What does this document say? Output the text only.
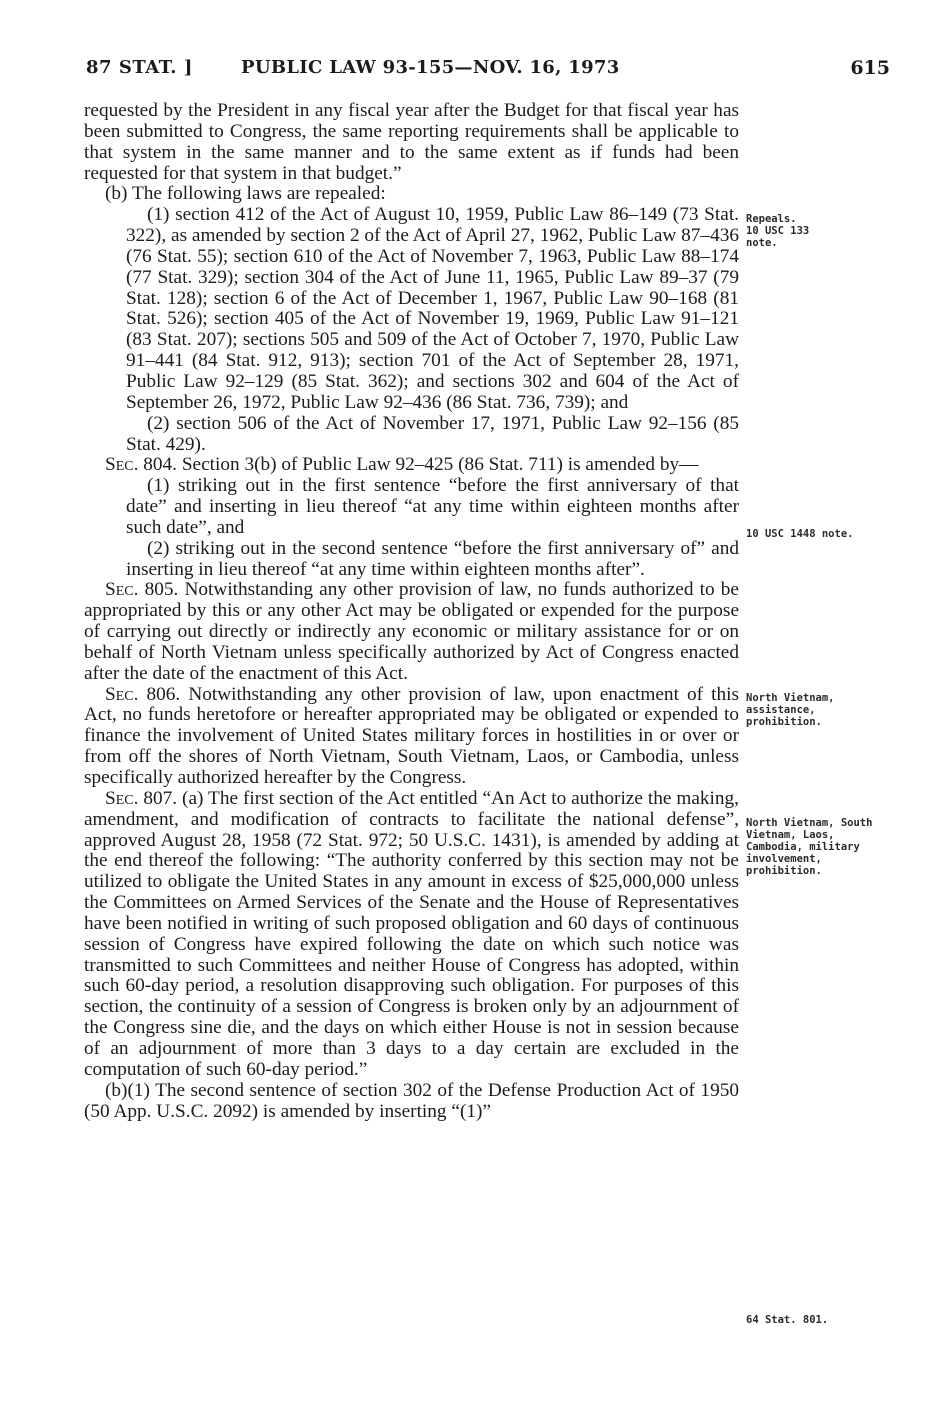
87 STAT. ]	PUBLIC LAW 93-155—NOV. 16, 1973	615

requested by the President in any fiscal year after the Budget for that fiscal year has been submitted to Congress, the same reporting requirements shall be applicable to that system in the same manner and to the same extent as if funds had been requested for that system in that budget.”

(b) The following laws are repealed:

(1) section 412 of the Act of August 10, 1959, Public Law 86–149 (73 Stat. 322), as amended by section 2 of the Act of April 27, 1962, Public Law 87–436 (76 Stat. 55); section 610 of the Act of November 7, 1963, Public Law 88–174 (77 Stat. 329); section 304 of the Act of June 11, 1965, Public Law 89–37 (79 Stat. 128); section 6 of the Act of December 1, 1967, Public Law 90–168 (81 Stat. 526); section 405 of the Act of November 19, 1969, Public Law 91–121 (83 Stat. 207); sections 505 and 509 of the Act of October 7, 1970, Public Law 91–441 (84 Stat. 912, 913); section 701 of the Act of September 28, 1971, Public Law 92–129 (85 Stat. 362); and sections 302 and 604 of the Act of September 26, 1972, Public Law 92–436 (86 Stat. 736, 739); and

(2) section 506 of the Act of November 17, 1971, Public Law 92–156 (85 Stat. 429).

Sec. 804. Section 3(b) of Public Law 92–425 (86 Stat. 711) is amended by—

(1) striking out in the first sentence “before the first anniversary of that date” and inserting in lieu thereof “at any time within eighteen months after such date”, and

(2) striking out in the second sentence “before the first anniversary of” and inserting in lieu thereof “at any time within eighteen months after”.

Sec. 805. Notwithstanding any other provision of law, no funds authorized to be appropriated by this or any other Act may be obligated or expended for the purpose of carrying out directly or indirectly any economic or military assistance for or on behalf of North Vietnam unless specifically authorized by Act of Congress enacted after the date of the enactment of this Act.

Sec. 806. Notwithstanding any other provision of law, upon enactment of this Act, no funds heretofore or hereafter appropriated may be obligated or expended to finance the involvement of United States military forces in hostilities in or over or from off the shores of North Vietnam, South Vietnam, Laos, or Cambodia, unless specifically authorized hereafter by the Congress.

Sec. 807. (a) The first section of the Act entitled “An Act to authorize the making, amendment, and modification of contracts to facilitate the national defense”, approved August 28, 1958 (72 Stat. 972; 50 U.S.C. 1431), is amended by adding at the end thereof the following: “The authority conferred by this section may not be utilized to obligate the United States in any amount in excess of $25,000,000 unless the Committees on Armed Services of the Senate and the House of Representatives have been notified in writing of such proposed obligation and 60 days of continuous session of Congress have expired following the date on which such notice was transmitted to such Committees and neither House of Congress has adopted, within such 60-day period, a resolution disapproving such obligation. For purposes of this section, the continuity of a session of Congress is broken only by an adjournment of the Congress sine die, and the days on which either House is not in session because of an adjournment of more than 3 days to a day certain are excluded in the computation of such 60-day period.”

(b)(1) The second sentence of section 302 of the Defense Production Act of 1950 (50 App. U.S.C. 2092) is amended by inserting “(1)”

Repeals.
10 USC 133 note.
10 USC 1448 note.
North Vietnam, assistance, prohibition.
North Vietnam, South Vietnam, Laos, Cambodia, military involvement, prohibition.
64 Stat. 801.
